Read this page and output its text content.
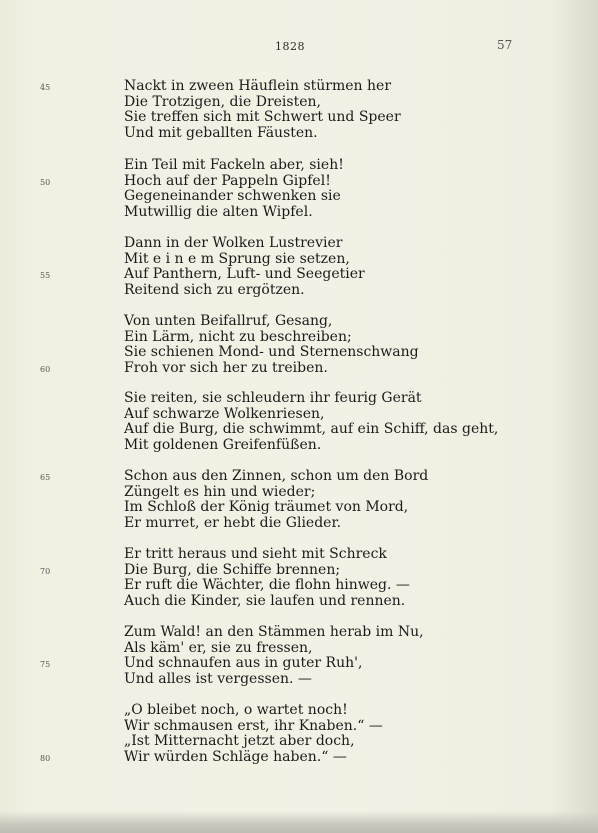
1828	57
Nackt in zween Häuflein stürmen her
45
Die Trotzigen, die Dreisten,
Sie treffen sich mit Schwert und Speer
Und mit geballten Fäusten.
Ein Teil mit Fackeln aber, sieh!
Hoch auf der Pappeln Gipfel!
50
Gegeneinander schwenken sie
Mutwillig die alten Wipfel.
Dann in der Wolken Lustrevier
Mit e i n e m Sprung sie setzen,
Auf Panthern, Luft- und Seegetier
55
Reitend sich zu ergötzen.
Von unten Beifallruf, Gesang,
Ein Lärm, nicht zu beschreiben;
Sie schienen Mond- und Sternenschwang
Froh vor sich her zu treiben.
60
Sie reiten, sie schleudern ihr feurig Gerät
Auf schwarze Wolkenriesen,
Auf die Burg, die schwimmt, auf ein Schiff, das geht,
Mit goldenen Greifenfüßen.
Schon aus den Zinnen, schon um den Bord
65
Züngelt es hin und wieder;
Im Schloß der König träumet von Mord,
Er murret, er hebt die Glieder.
Er tritt heraus und sieht mit Schreck
Die Burg, die Schiffe brennen;
70
Er ruft die Wächter, die flohn hinweg. —
Auch die Kinder, sie laufen und rennen.
Zum Wald! an den Stämmen herab im Nu,
Als käm' er, sie zu fressen,
Und schnaufen aus in guter Ruh',
75
Und alles ist vergessen. —
„O bleibet noch, o wartet noch!
Wir schmausen erst, ihr Knaben.“ —
„Ist Mitternacht jetzt aber doch,
Wir würden Schläge haben.“ —
80
